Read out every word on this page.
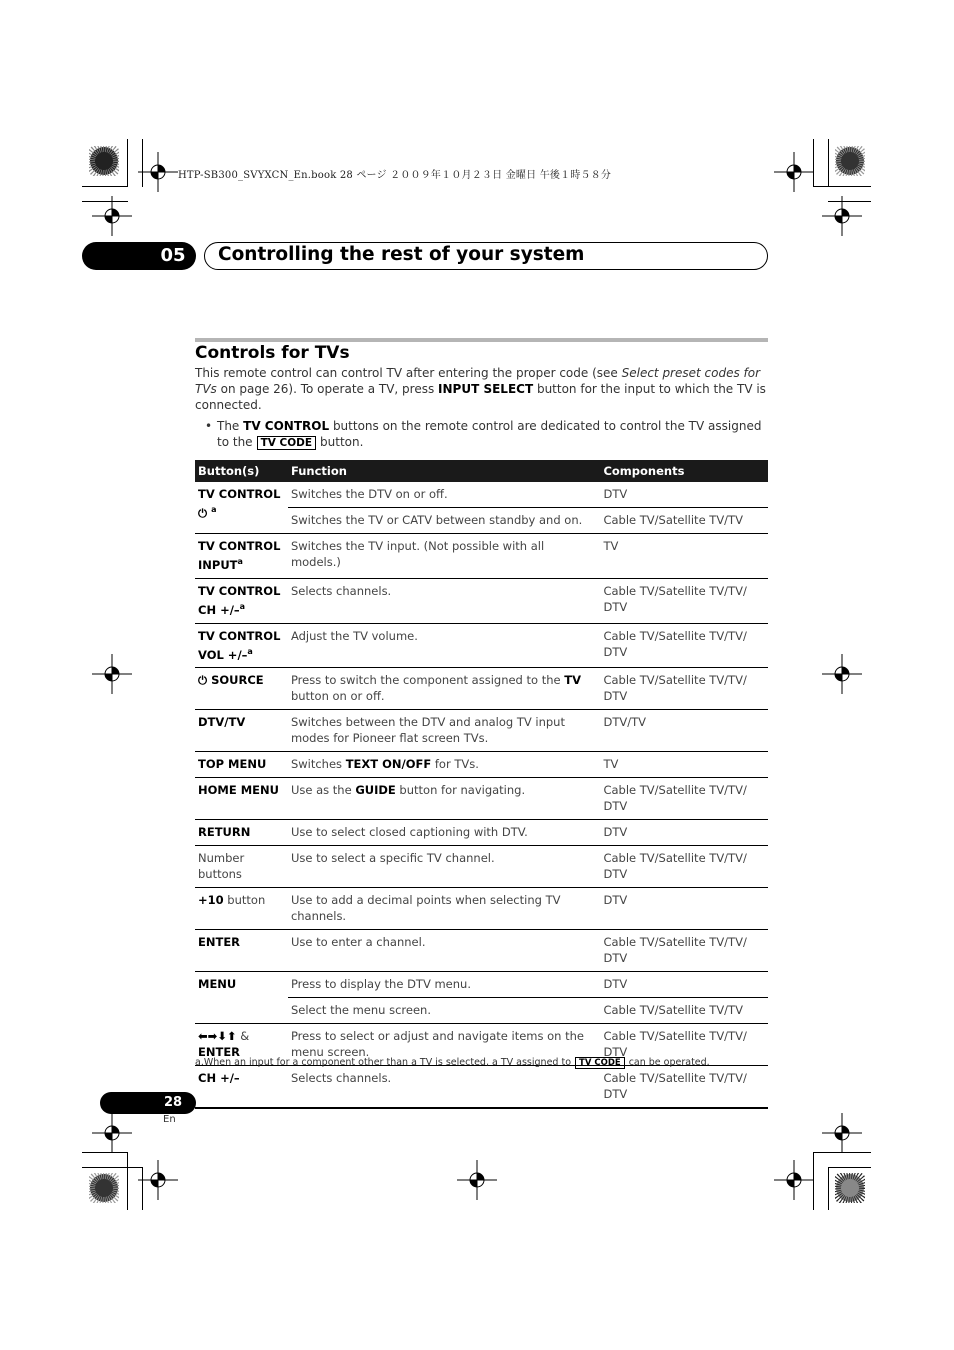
HTP-SB300_SVYXCN_En.book 28 ページ ２００９年１０月２３日 金曜日 午後１時５８分
05	Controlling the rest of your system
Controls for TVs
This remote control can control TV after entering the proper code (see Select preset codes for TVs on page 26). To operate a TV, press INPUT SELECT button for the input to which the TV is connected.
• The TV CONTROL buttons on the remote control are dedicated to control the TV assigned to the TV CODE button.
Button(s)	Function	Components
TV CONTROL ⏻ $^a$	Switches the DTV on or off.	DTV
	Switches the TV or CATV between standby and on.	Cable TV/Satellite TV/TV
TV CONTROL
INPUT$^a$	Switches the TV input. (Not possible with all models.)	TV
TV CONTROL
CH +/–$^a$	Selects channels.	Cable TV/Satellite TV/TV/
DTV
TV CONTROL
VOL +/–$^a$	Adjust the TV volume.	Cable TV/Satellite TV/TV/
DTV
⏻ SOURCE	Press to switch the component assigned to the TV button on or off.	Cable TV/Satellite TV/TV/
DTV
DTV/TV	Switches between the DTV and analog TV input modes for Pioneer flat screen TVs.	DTV/TV
TOP MENU	Switches TEXT ON/OFF for TVs.	TV
HOME MENU	Use as the GUIDE button for navigating.	Cable TV/Satellite TV/TV/
DTV
RETURN	Use to select closed captioning with DTV.	DTV
Number buttons	Use to select a specific TV channel.	Cable TV/Satellite TV/TV/
DTV
+10 button	Use to add a decimal points when selecting TV channels.	DTV
ENTER	Use to enter a channel.	Cable TV/Satellite TV/TV/
DTV
MENU	Press to display the DTV menu.	DTV
	Select the menu screen.	Cable TV/Satellite TV/TV
⬅➡⬇⬆ &
ENTER	Press to select or adjust and navigate items on the menu screen.	Cable TV/Satellite TV/TV/
DTV
CH +/–	Selects channels.	Cable TV/Satellite TV/TV/
DTV
a.When an input for a component other than a TV is selected, a TV assigned to TV CODE can be operated.
28
En
